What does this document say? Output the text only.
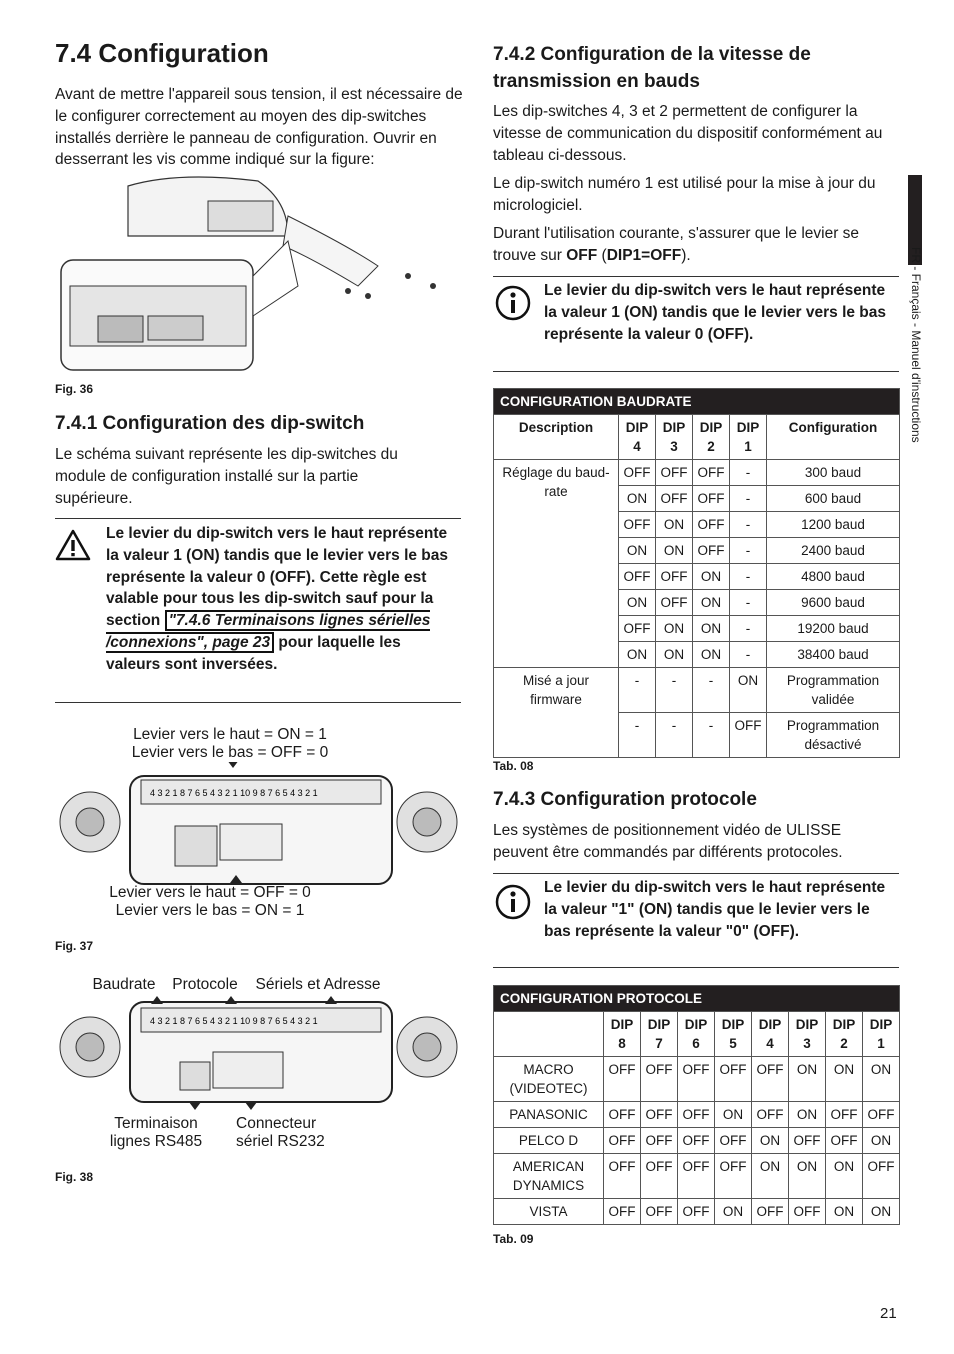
7.4 Configuration

Avant de mettre l'appareil sous tension, il est nécessaire de le configurer correctement au moyen des dip-switches installés derrière le panneau de configuration. Ouvrir en desserrant les vis comme indiqué sur la figure:

Fig. 36
7.4.1 Configuration des dip-switch

Le schéma suivant représente les dip-switches du module de configuration installé sur la partie supérieure.

Le levier du dip-switch vers le haut représente la valeur 1 (ON) tandis que le levier vers le bas représente la valeur 0 (OFF). Cette règle est valable pour tous les dip-switch sauf pour la section "7.4.6 Terminaisons lignes sérielles /connexions", page 23 pour laquelle les valeurs sont inversées.
Levier vers le haut = ON = 1
Levier vers le bas = OFF = 0
4 3 2 1 8 7 6 5 4 3 2 1 10 9 8 7 6 5 4 3 2 1
Levier vers le haut = OFF = 0
Levier vers le bas = ON = 1
Fig. 37
Baudrate	Protocole	Sériels et Adresse
4 3 2 1 8 7 6 5 4 3 2 1 10 9 8 7 6 5 4 3 2 1
Terminaison
lignes RS485
Connecteur
sériel RS232
Fig. 38
7.4.2 Configuration de la vitesse de
transmission en bauds

Les dip-switches 4, 3 et 2 permettent de configurer la vitesse de communication du dispositif conformément au tableau ci-dessous.

Le dip-switch numéro 1 est utilisé pour la mise à jour du micrologiciel.

Durant l'utilisation courante, s'assurer que le levier se trouve sur OFF (DIP1=OFF).

Le levier du dip-switch vers le haut représente la valeur 1 (ON) tandis que le levier vers le bas représente la valeur 0 (OFF).
CONFIGURATION BAUDRATE					
Description	DIP 4	DIP 3	DIP 2	DIP 1	Configuration
Réglage du baud-rate	OFF	OFF	OFF	-	300 baud
	ON	OFF	OFF	-	600 baud
	OFF	ON	OFF	-	1200 baud
	ON	ON	OFF	-	2400 baud
	OFF	OFF	ON	-	4800 baud
	ON	OFF	ON	-	9600 baud
	OFF	ON	ON	-	19200 baud
	ON	ON	ON	-	38400 baud
Misé a jour firmware	-	-	-	ON	Programmation validée
	-	-	-	OFF	Programmation désactivé
Tab. 08
7.4.3 Configuration protocole

Les systèmes de positionnement vidéo de ULISSE peuvent être commandés par différents protocoles.

Le levier du dip-switch vers le haut représente la valeur "1" (ON) tandis que le levier vers le bas représente la valeur "0" (OFF).
CONFIGURATION PROTOCOLE								
	DIP 8	DIP 7	DIP 6	DIP 5	DIP 4	DIP 3	DIP 2	DIP 1
MACRO (VIDEOTEC)	OFF	OFF	OFF	OFF	OFF	ON	ON	ON
PANASONIC	OFF	OFF	OFF	ON	OFF	ON	OFF	OFF
PELCO D	OFF	OFF	OFF	OFF	ON	OFF	OFF	ON
AMERICAN DYNAMICS	OFF	OFF	OFF	OFF	ON	ON	ON	OFF
VISTA	OFF	OFF	OFF	ON	OFF	OFF	ON	ON
Tab. 09
FR - Français - Manuel d'instructions
21
